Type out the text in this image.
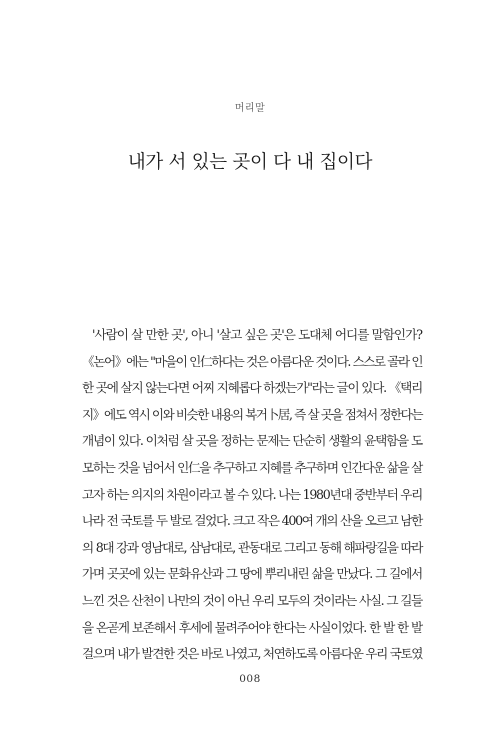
머리말
내가 서 있는 곳이 다 내 집이다
'사람이 살 만한 곳', 아니 '살고 싶은 곳'은 도대체 어디를 말함인가?
《논어》에는 "마을이 인仁하다는 것은 아름다운 것이다. 스스로 골라 인
한 곳에 살지 않는다면 어찌 지혜롭다 하겠는가"라는 글이 있다. 《택리
지》에도 역시 이와 비슷한 내용의 복거卜居, 즉 살 곳을 점쳐서 정한다는
개념이 있다. 이처럼 살 곳을 정하는 문제는 단순히 생활의 윤택함을 도
모하는 것을 넘어서 인仁을 추구하고 지혜를 추구하며 인간다운 삶을 살
고자 하는 의지의 차원이라고 볼 수 있다. 나는 1980년대 중반부터 우리
나라 전 국토를 두 발로 걸었다. 크고 작은 400여 개의 산을 오르고 남한
의 8대 강과 영남대로, 삼남대로, 관동대로 그리고 동해 해파랑길을 따라
가며 곳곳에 있는 문화유산과 그 땅에 뿌리내린 삶을 만났다. 그 길에서
느낀 것은 산천이 나만의 것이 아닌 우리 모두의 것이라는 사실. 그 길들
을 온곧게 보존해서 후세에 물려주어야 한다는 사실이었다. 한 발 한 발
걸으며 내가 발견한 것은 바로 나였고, 처연하도록 아름다운 우리 국토였
008
